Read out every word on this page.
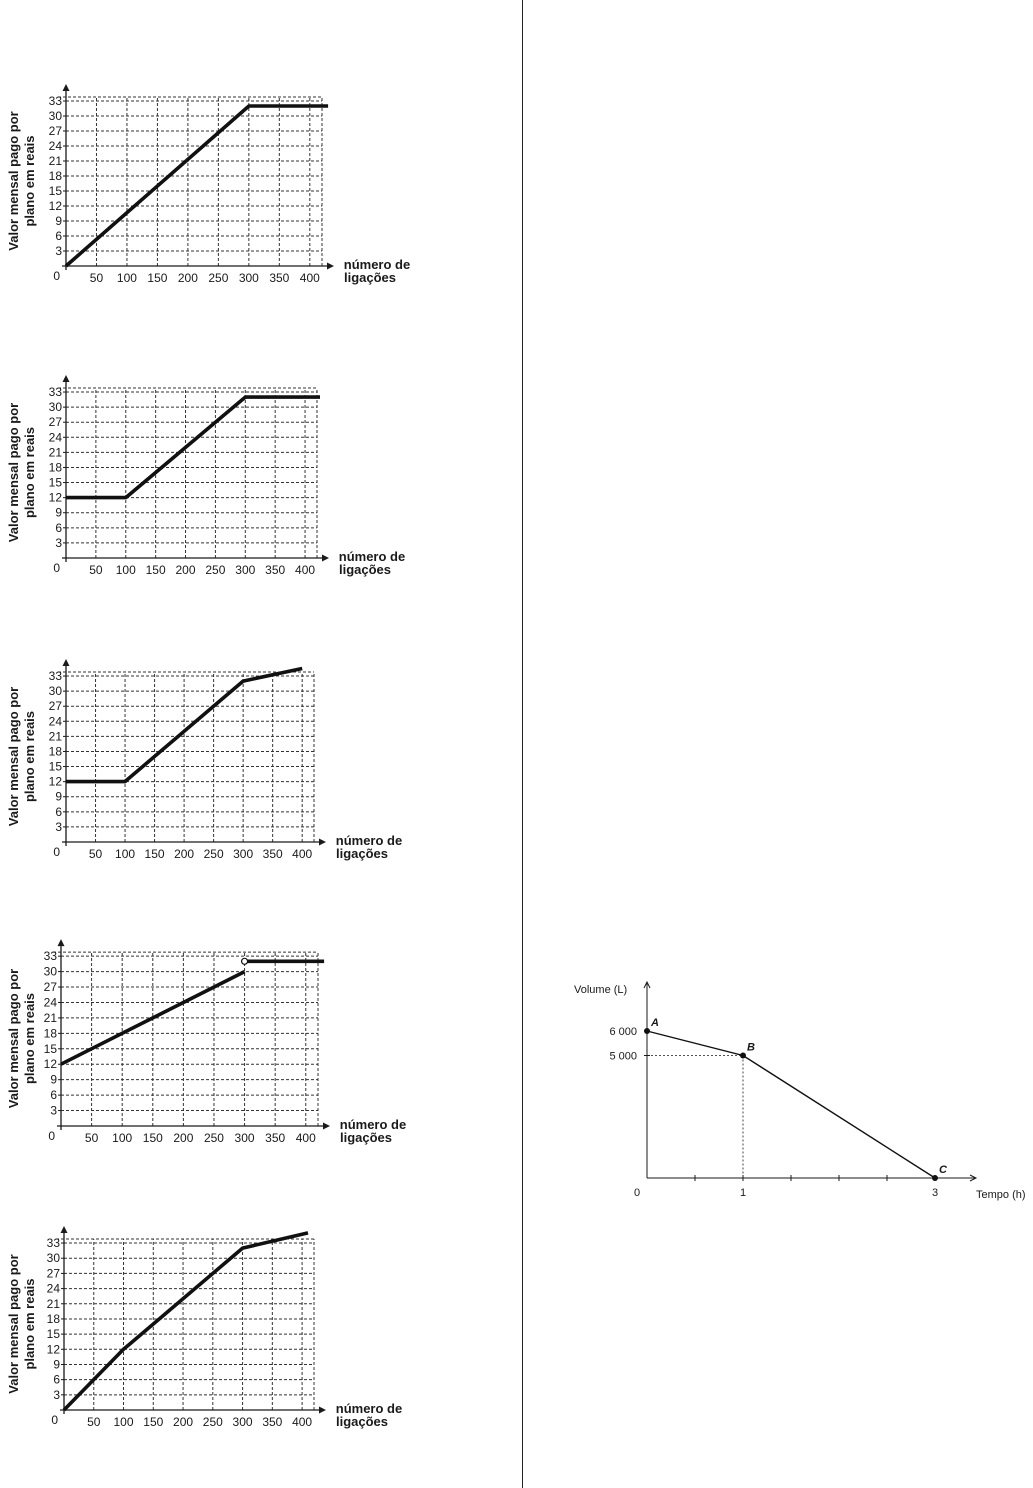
3
6
9
12
15
18
21
24
27
30
33
50 100 150 200 250 300 350 400
0
Valor mensal pago por plano em reais
número de
ligações
3
6
9
12
15
18
21
24
27
30
33
50 100 150 200 250 300 350 400
0
Valor mensal pago por plano em reais
número de
ligações
3
6
9
12
15
18
21
24
27
30
33
50 100 150 200 250 300 350 400
0
Valor mensal pago por plano em reais
número de
ligações
3
6
9
12
15
18
21
24
27
30
33
50 100 150 200 250 300 350 400
0
Valor mensal pago por plano em reais
número de
ligações
3
6
9
12
15
18
21
24
27
30
33
50 100 150 200 250 300 350 400
0
Valor mensal pago por plano em reais
número de
ligações
Volume (L)
Tempo (h)
0
6 000
5 000
1	3
A
B
C
